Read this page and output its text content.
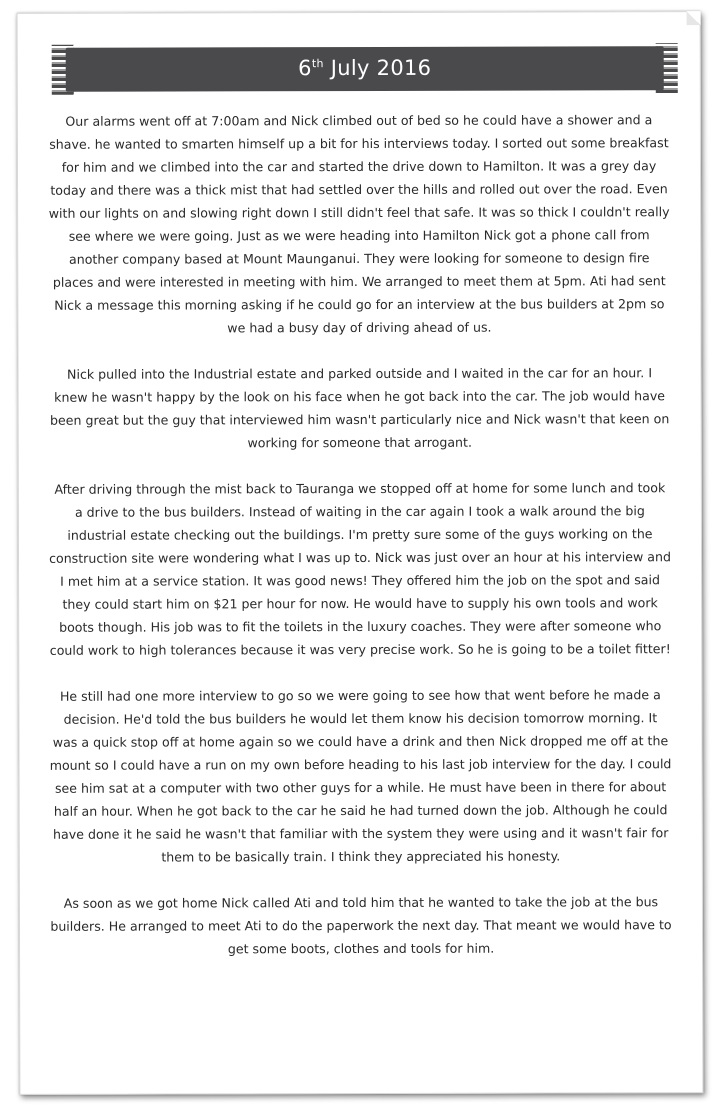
6th July 2016

Our alarms went off at 7:00am and Nick climbed out of bed so he could have a shower and a shave. he wanted to smarten himself up a bit for his interviews today. I sorted out some breakfast for him and we climbed into the car and started the drive down to Hamilton. It was a grey day today and there was a thick mist that had settled over the hills and rolled out over the road. Even with our lights on and slowing right down I still didn't feel that safe. It was so thick I couldn't really see where we were going. Just as we were heading into Hamilton Nick got a phone call from another company based at Mount Maunganui. They were looking for someone to design fire places and were interested in meeting with him. We arranged to meet them at 5pm. Ati had sent Nick a message this morning asking if he could go for an interview at the bus builders at 2pm so we had a busy day of driving ahead of us.

Nick pulled into the Industrial estate and parked outside and I waited in the car for an hour. I knew he wasn't happy by the look on his face when he got back into the car. The job would have been great but the guy that interviewed him wasn't particularly nice and Nick wasn't that keen on working for someone that arrogant.

After driving through the mist back to Tauranga we stopped off at home for some lunch and took a drive to the bus builders. Instead of waiting in the car again I took a walk around the big industrial estate checking out the buildings. I'm pretty sure some of the guys working on the construction site were wondering what I was up to. Nick was just over an hour at his interview and I met him at a service station. It was good news! They offered him the job on the spot and said they could start him on $21 per hour for now. He would have to supply his own tools and work boots though. His job was to fit the toilets in the luxury coaches. They were after someone who could work to high tolerances because it was very precise work. So he is going to be a toilet fitter!

He still had one more interview to go so we were going to see how that went before he made a decision. He'd told the bus builders he would let them know his decision tomorrow morning. It was a quick stop off at home again so we could have a drink and then Nick dropped me off at the mount so I could have a run on my own before heading to his last job interview for the day. I could see him sat at a computer with two other guys for a while. He must have been in there for about half an hour. When he got back to the car he said he had turned down the job. Although he could have done it he said he wasn't that familiar with the system they were using and it wasn't fair for them to be basically train. I think they appreciated his honesty.

As soon as we got home Nick called Ati and told him that he wanted to take the job at the bus builders. He arranged to meet Ati to do the paperwork the next day. That meant we would have to get some boots, clothes and tools for him.
